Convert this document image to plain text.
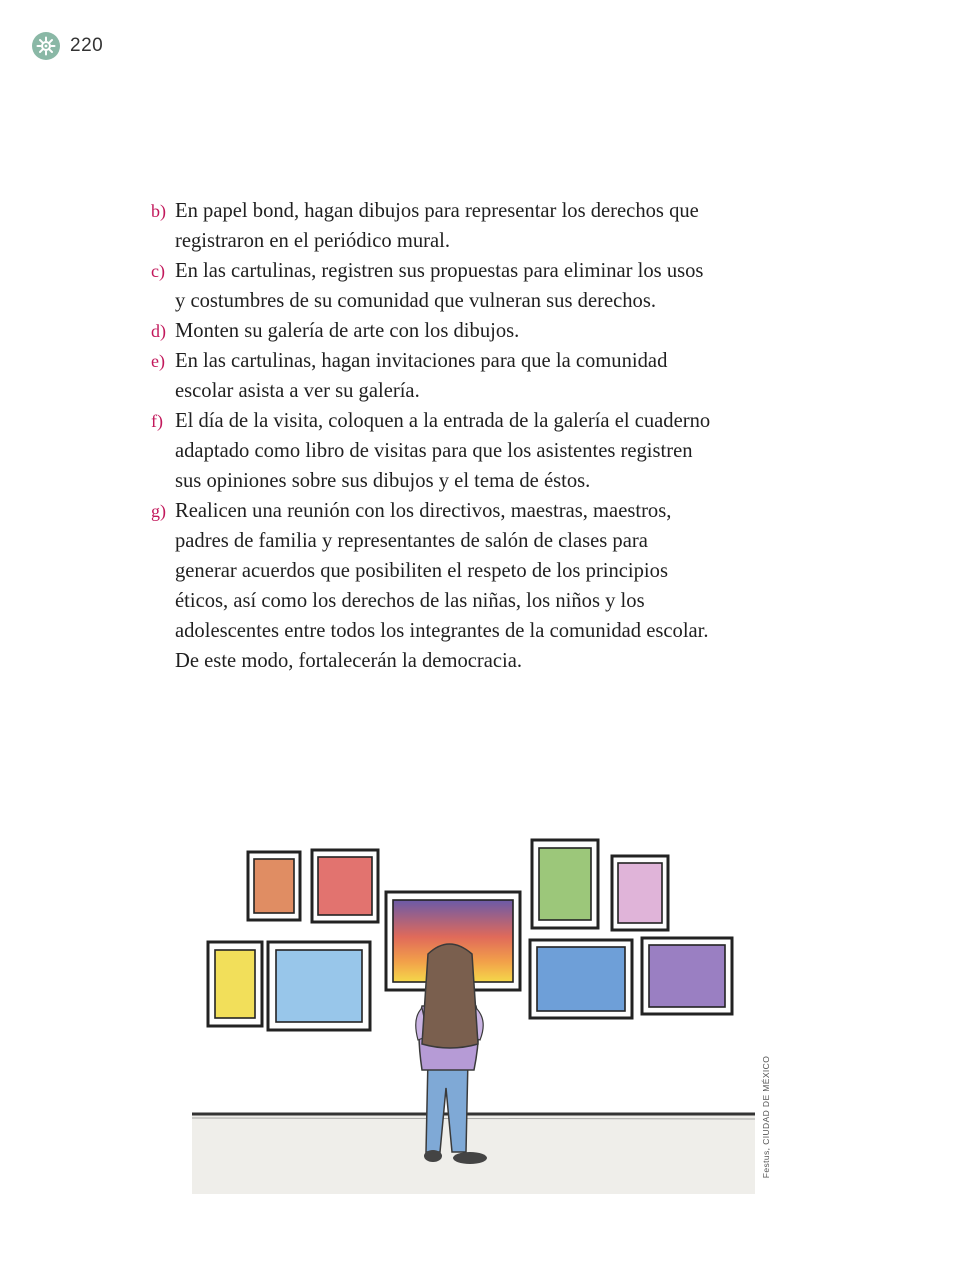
220
b) En papel bond, hagan dibujos para representar los derechos que registraron en el periódico mural.
c) En las cartulinas, registren sus propuestas para eliminar los usos y costumbres de su comunidad que vulneran sus derechos.
d) Monten su galería de arte con los dibujos.
e) En las cartulinas, hagan invitaciones para que la comunidad escolar asista a ver su galería.
f) El día de la visita, coloquen a la entrada de la galería el cuaderno adaptado como libro de visitas para que los asistentes registren sus opiniones sobre sus dibujos y el tema de éstos.
g) Realicen una reunión con los directivos, maestras, maestros, padres de familia y representantes de salón de clases para generar acuerdos que posibiliten el respeto de los principios éticos, así como los derechos de las niñas, los niños y los adolescentes entre todos los integrantes de la comunidad escolar. De este modo, fortalecerán la democracia.
Festus, CIUDAD DE MÉXICO
